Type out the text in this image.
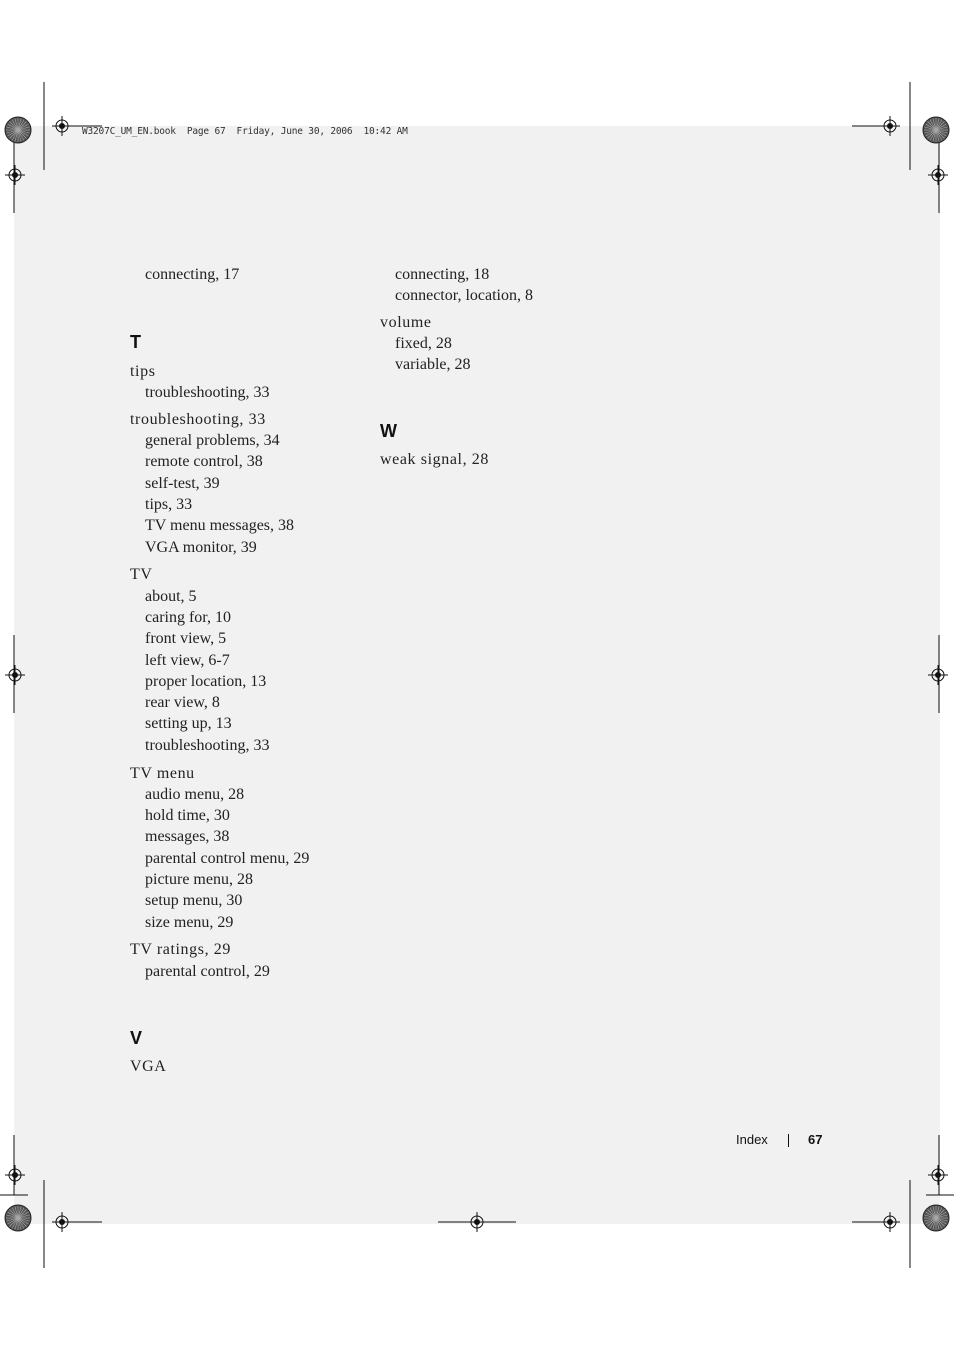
W3207C_UM_EN.book  Page 67  Friday, June 30, 2006  10:42 AM
connecting, 17
T
tips
troubleshooting, 33
troubleshooting, 33
general problems, 34
remote control, 38
self-test, 39
tips, 33
TV menu messages, 38
VGA monitor, 39
TV
about, 5
caring for, 10
front view, 5
left view, 6-7
proper location, 13
rear view, 8
setting up, 13
troubleshooting, 33
TV menu
audio menu, 28
hold time, 30
messages, 38
parental control menu, 29
picture menu, 28
setup menu, 30
size menu, 29
TV ratings, 29
parental control, 29
V
VGA
connecting, 18
connector, location, 8
volume
fixed, 28
variable, 28
W
weak signal, 28
Index	67
